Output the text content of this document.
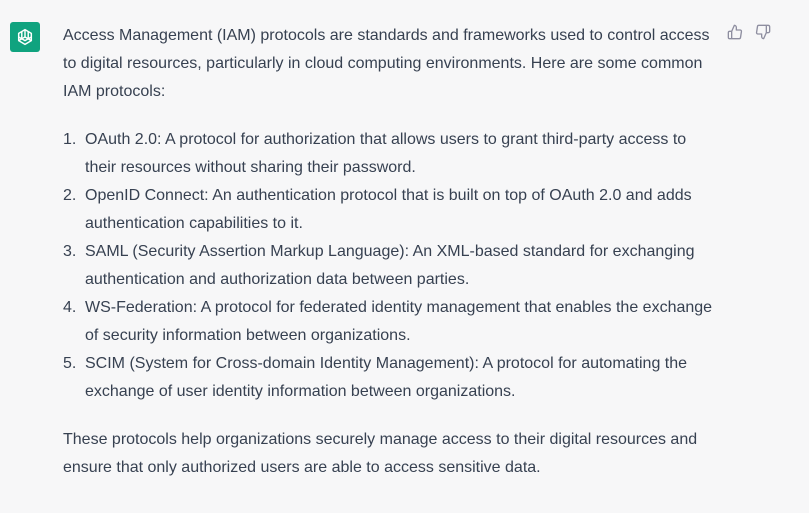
Access Management (IAM) protocols are standards and frameworks used to control access to digital resources, particularly in cloud computing environments. Here are some common IAM protocols:

1. OAuth 2.0: A protocol for authorization that allows users to grant third-party access to their resources without sharing their password.
2. OpenID Connect: An authentication protocol that is built on top of OAuth 2.0 and adds authentication capabilities to it.
3. SAML (Security Assertion Markup Language): An XML-based standard for exchanging authentication and authorization data between parties.
4. WS-Federation: A protocol for federated identity management that enables the exchange of security information between organizations.
5. SCIM (System for Cross-domain Identity Management): A protocol for automating the exchange of user identity information between organizations.

These protocols help organizations securely manage access to their digital resources and ensure that only authorized users are able to access sensitive data.
